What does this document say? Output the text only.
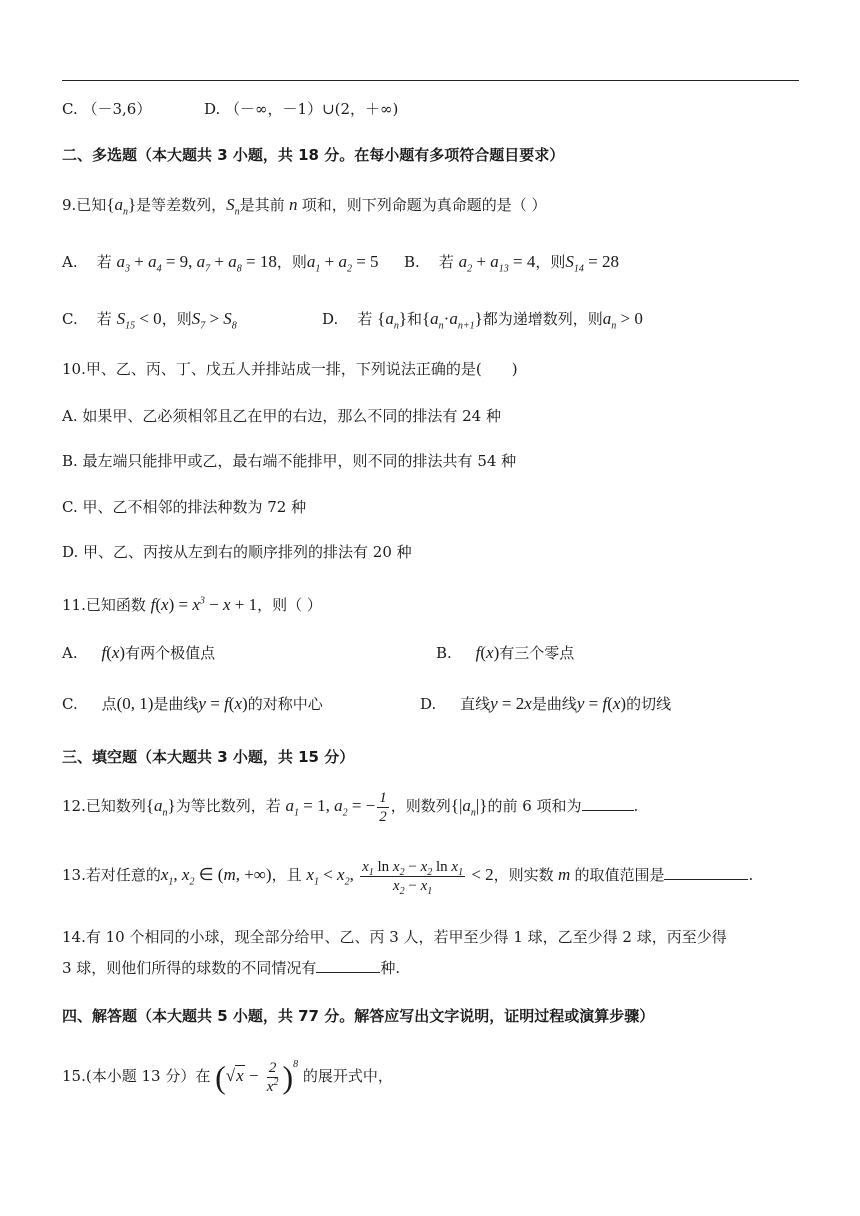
C. （－3,6）	D. （－∞，－1）∪(2，＋∞)
二、多选题（本大题共 3 小题，共 18 分。在每小题有多项符合题目要求）
9.已知$\{a_n\}$是等差数列，$S_n$是其前 n 项和，则下列命题为真命题的是（ ）
A. 若 $a_3 + a_4 = 9$, $a_7 + a_8 = 18$，则$a_1 + a_2 = 5$ B. 若 $a_2 + a_{13} = 4$，则$S_{14} = 28$
C. 若 $S_{15} < 0$，则$S_7 > S_8$	D. 若 $\{a_n\}$和$\{a_n\cdot a_{n+1}\}$都为递增数列，则$a_n > 0$
10.甲、乙、丙、丁、戊五人并排站成一排，下列说法正确的是(　　)
A. 如果甲、乙必须相邻且乙在甲的右边，那么不同的排法有 24 种
B. 最左端只能排甲或乙，最右端不能排甲，则不同的排法共有 54 种
C. 甲、乙不相邻的排法种数为 72 种
D. 甲、乙、丙按从左到右的顺序排列的排法有 20 种
11.已知函数 $f(x) = x^3 - x + 1$，则（ ）
A. f(x)有两个极值点	B. f(x)有三个零点
C. 点(0, 1)是曲线y = f(x)的对称中心	D. 直线y = 2x是曲线y = f(x)的切线
三、填空题（本大题共 3 小题，共 15 分）
12.已知数列$\{a_n\}$为等比数列，若 $a_1 = 1$, $a_2$ = − $\frac{1}{2}$ ，则数列$\{|a_n|\}$的前 6 项和为	.
13.若对任意的$x_1$, $x_2$ ∈ (m, +∞)，且 $x_1 < x_2$, $\frac{x_1 \ln x_2 - x_2 \ln x_1}{x_2 - x_1} < 2$，则实数 m 的取值范围是	.
14.有 10 个相同的小球，现全部分给甲、乙、丙 3 人，若甲至少得 1 球，乙至少得 2 球，丙至少得
3 球，则他们所得的球数的不同情况有	种.
四、解答题（本大题共 5 小题，共 77 分。解答应写出文字说明，证明过程或演算步骤）
15.(本小题 13 分）在 $(√x - \frac{2}{x^2} )^8$ 的展开式中，
